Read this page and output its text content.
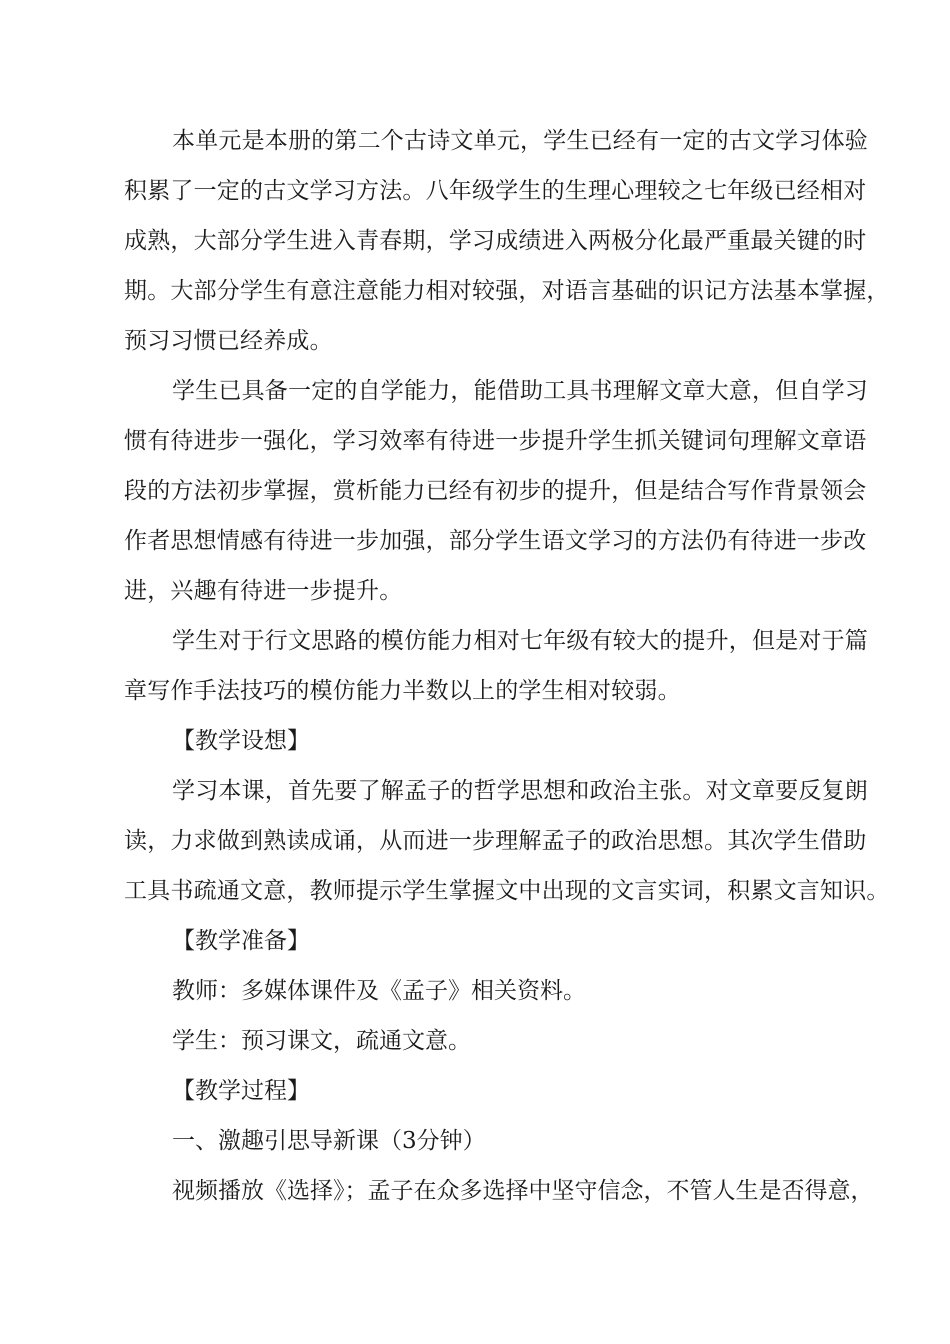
本单元是本册的第二个古诗文单元，学生已经有一定的古文学习体验
积累了一定的古文学习方法。八年级学生的生理心理较之七年级已经相对
成熟，大部分学生进入青春期，学习成绩进入两极分化最严重最关键的时
期。大部分学生有意注意能力相对较强，对语言基础的识记方法基本掌握，
预习习惯已经养成。

学生已具备一定的自学能力，能借助工具书理解文章大意，但自学习
惯有待进步一强化，学习效率有待进一步提升学生抓关键词句理解文章语
段的方法初步掌握，赏析能力已经有初步的提升，但是结合写作背景领会
作者思想情感有待进一步加强，部分学生语文学习的方法仍有待进一步改
进，兴趣有待进一步提升。

学生对于行文思路的模仿能力相对七年级有较大的提升，但是对于篇
章写作手法技巧的模仿能力半数以上的学生相对较弱。

【教学设想】

学习本课，首先要了解孟子的哲学思想和政治主张。对文章要反复朗
读，力求做到熟读成诵，从而进一步理解孟子的政治思想。其次学生借助
工具书疏通文意，教师提示学生掌握文中出现的文言实词，积累文言知识。

【教学准备】

教师：多媒体课件及《孟子》相关资料。

学生：预习课文，疏通文意。

【教学过程】

一、激趣引思导新课（3分钟）

视频播放《选择》；孟子在众多选择中坚守信念，不管人生是否得意，
